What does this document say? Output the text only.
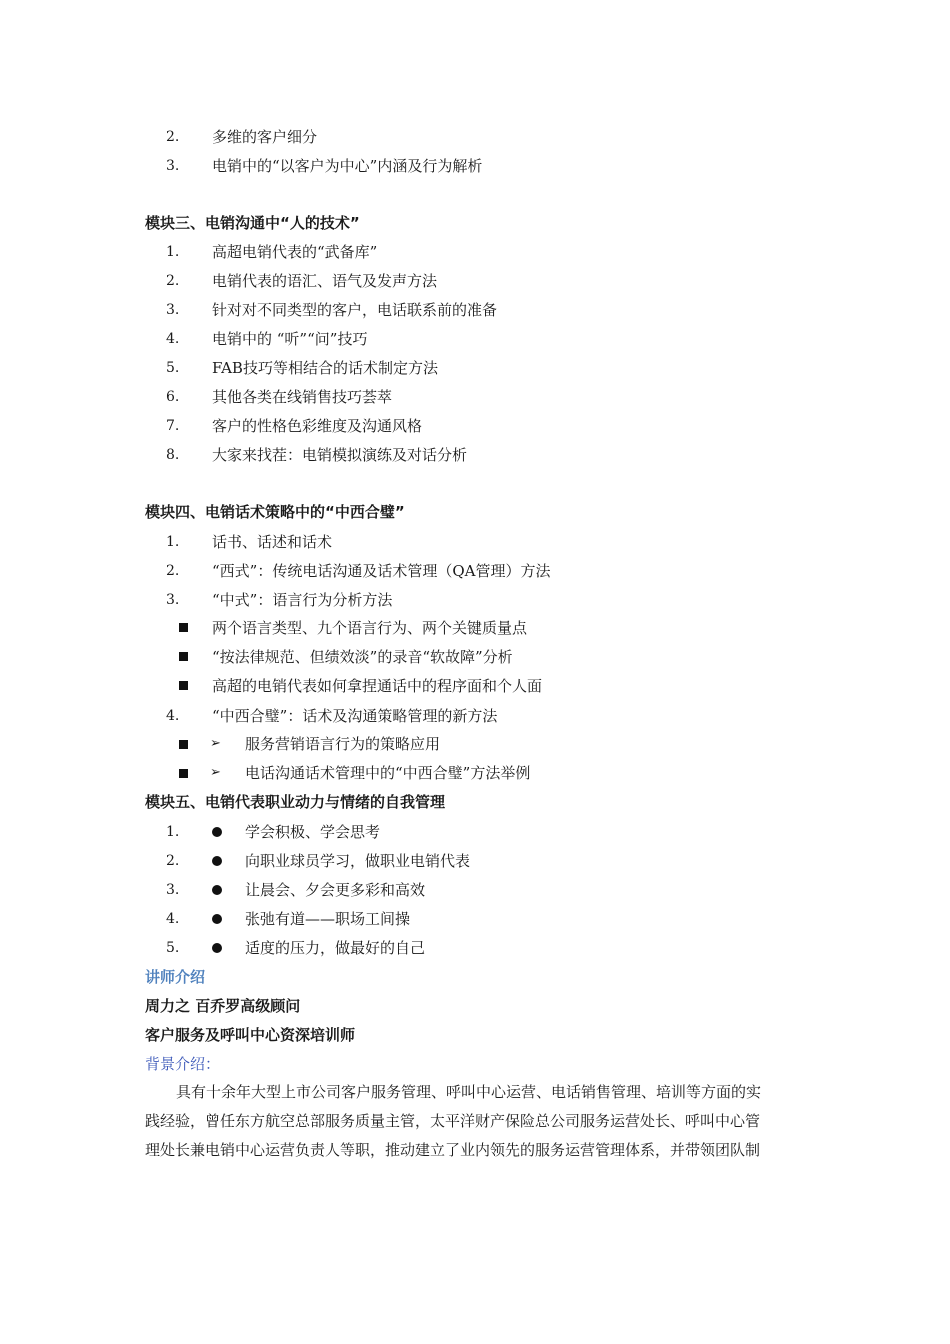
2. 多维的客户细分
3. 电销中的“以客户为中心”内涵及行为解析
模块三、电销沟通中“人的技术”
1. 高超电销代表的“武备库”
2. 电销代表的语汇、语气及发声方法
3. 针对对不同类型的客户，电话联系前的准备
4. 电销中的 “听”“问”技巧
5. FAB技巧等相结合的话术制定方法
6. 其他各类在线销售技巧荟萃
7. 客户的性格色彩维度及沟通风格
8. 大家来找茬：电销模拟演练及对话分析
模块四、电销话术策略中的“中西合璧”
1. 话书、话述和话术
2. “西式”：传统电话沟通及话术管理（QA管理）方法
3. “中式”：语言行为分析方法
两个语言类型、九个语言行为、两个关键质量点
“按法律规范、但绩效淡”的录音“软故障”分析
高超的电销代表如何拿捏通话中的程序面和个人面
4. “中西合璧”：话术及沟通策略管理的新方法
➢ 服务营销语言行为的策略应用
➢ 电话沟通话术管理中的“中西合璧”方法举例
模块五、电销代表职业动力与情绪的自我管理
1.	学会积极、学会思考
2.	向职业球员学习，做职业电销代表
3.	让晨会、夕会更多彩和高效
4.	张弛有道——职场工间操
5.	适度的压力，做最好的自己
讲师介绍
周力之 百乔罗高级顾问
客户服务及呼叫中心资深培训师
背景介绍：
具有十余年大型上市公司客户服务管理、呼叫中心运营、电话销售管理、培训等方面的实
践经验，曾任东方航空总部服务质量主管，太平洋财产保险总公司服务运营处长、呼叫中心管
理处长兼电销中心运营负责人等职，推动建立了业内领先的服务运营管理体系，并带领团队制
